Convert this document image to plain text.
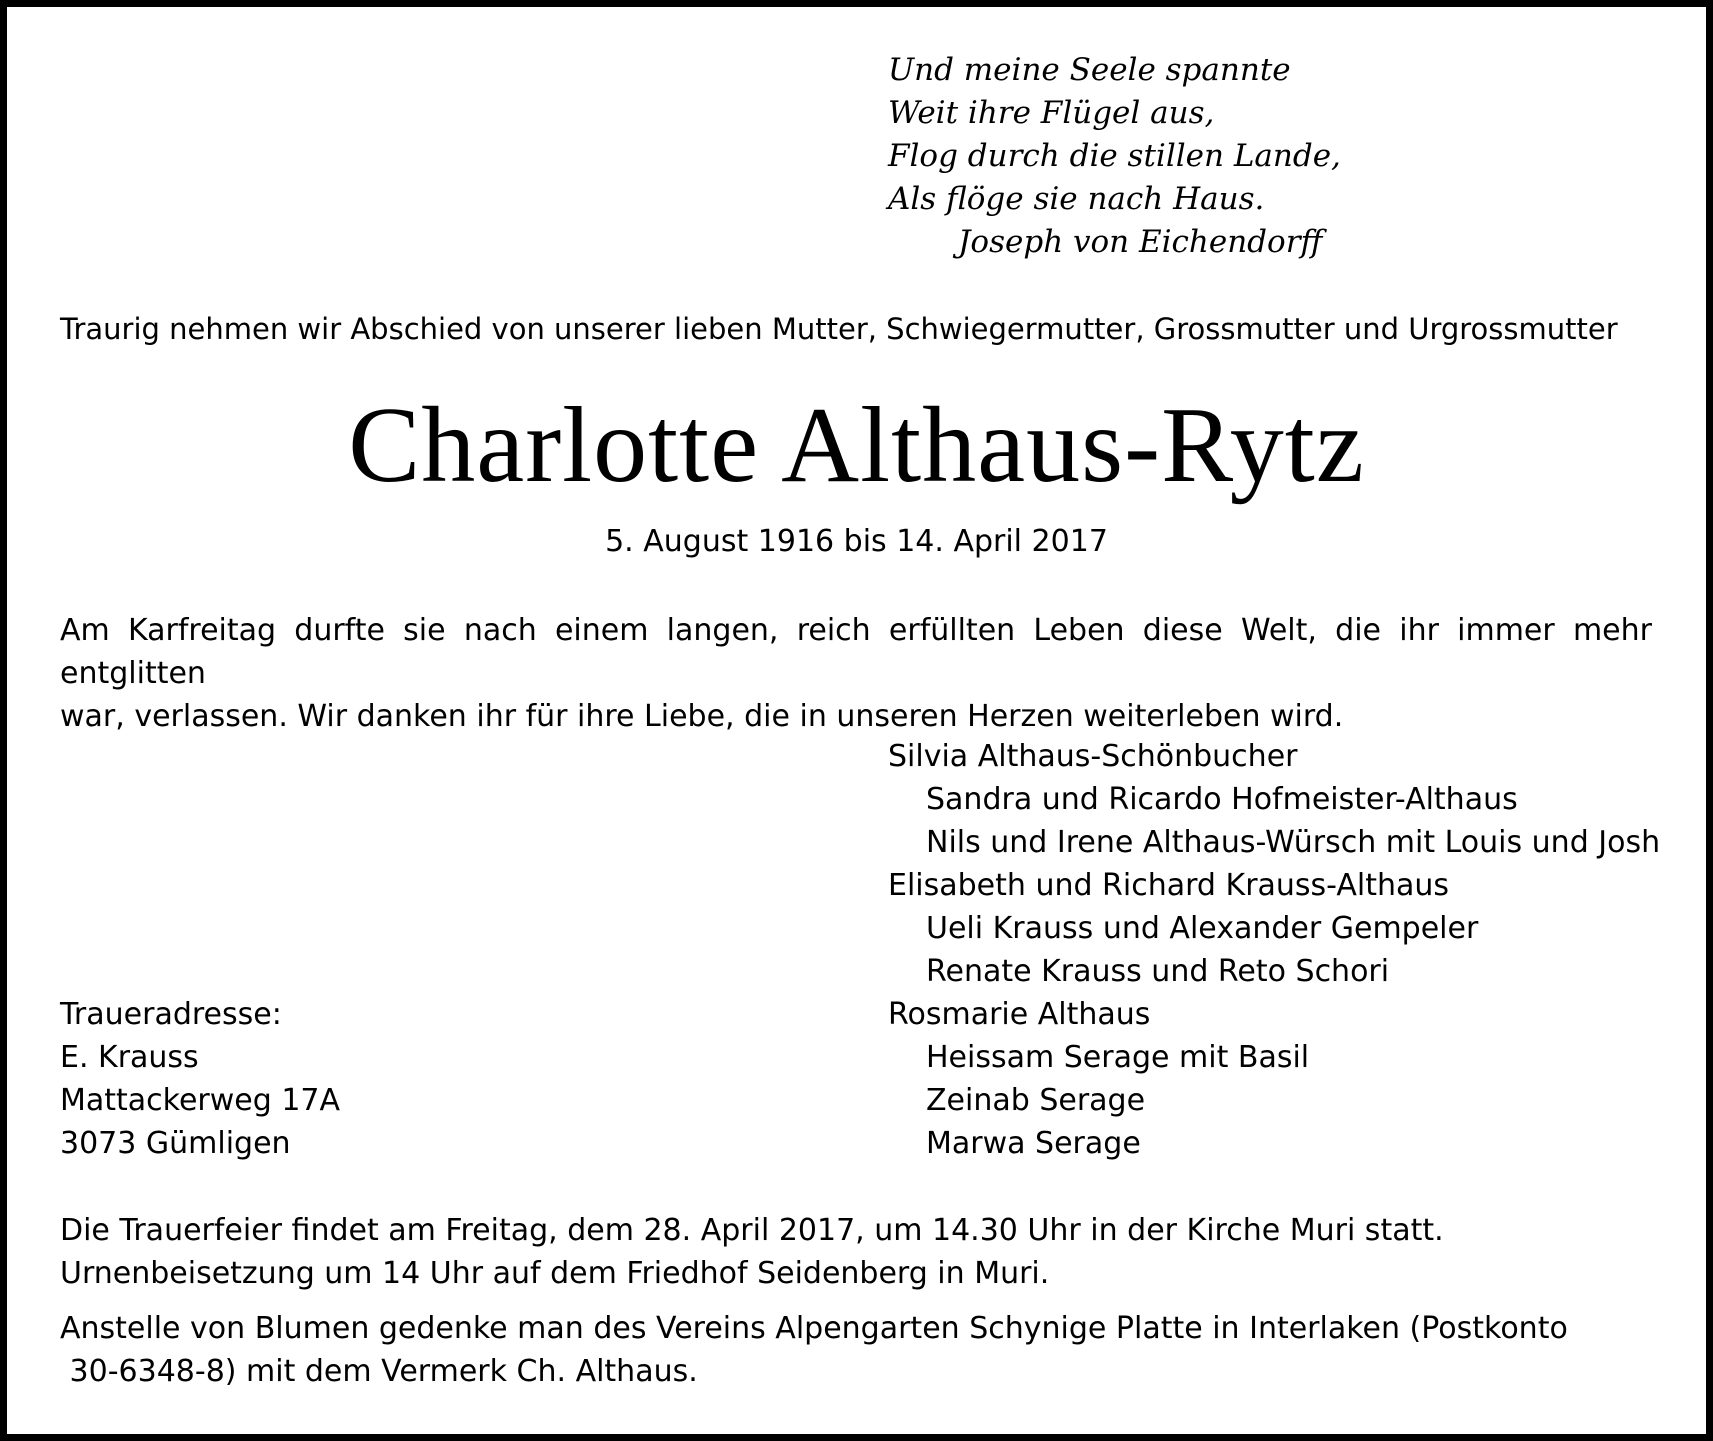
Und meine Seele spannte
Weit ihre Flügel aus,
Flog durch die stillen Lande,
Als flöge sie nach Haus.
Joseph von Eichendorff
Traurig nehmen wir Abschied von unserer lieben Mutter, Schwiegermutter, Grossmutter und Urgrossmutter
Charlotte Althaus-Rytz
5. August 1916 bis 14. April 2017
Am Karfreitag durfte sie nach einem langen, reich erfüllten Leben diese Welt, die ihr immer mehr entglitten
war, verlassen. Wir danken ihr für ihre Liebe, die in unseren Herzen weiterleben wird.
Silvia Althaus-Schönbucher
Sandra und Ricardo Hofmeister-Althaus
Nils und Irene Althaus-Würsch mit Louis und Josh
Elisabeth und Richard Krauss-Althaus
Ueli Krauss und Alexander Gempeler
Renate Krauss und Reto Schori
Rosmarie Althaus
Heissam Serage mit Basil
Zeinab Serage
Marwa Serage
Traueradresse:
E. Krauss
Mattackerweg 17A
3073 Gümligen
Die Trauerfeier findet am Freitag, dem 28. April 2017, um 14.30 Uhr in der Kirche Muri statt.
Urnenbeisetzung um 14 Uhr auf dem Friedhof Seidenberg in Muri.
Anstelle von Blumen gedenke man des Vereins Alpengarten Schynige Platte in Interlaken (Postkonto
30-6348-8) mit dem Vermerk Ch. Althaus.
